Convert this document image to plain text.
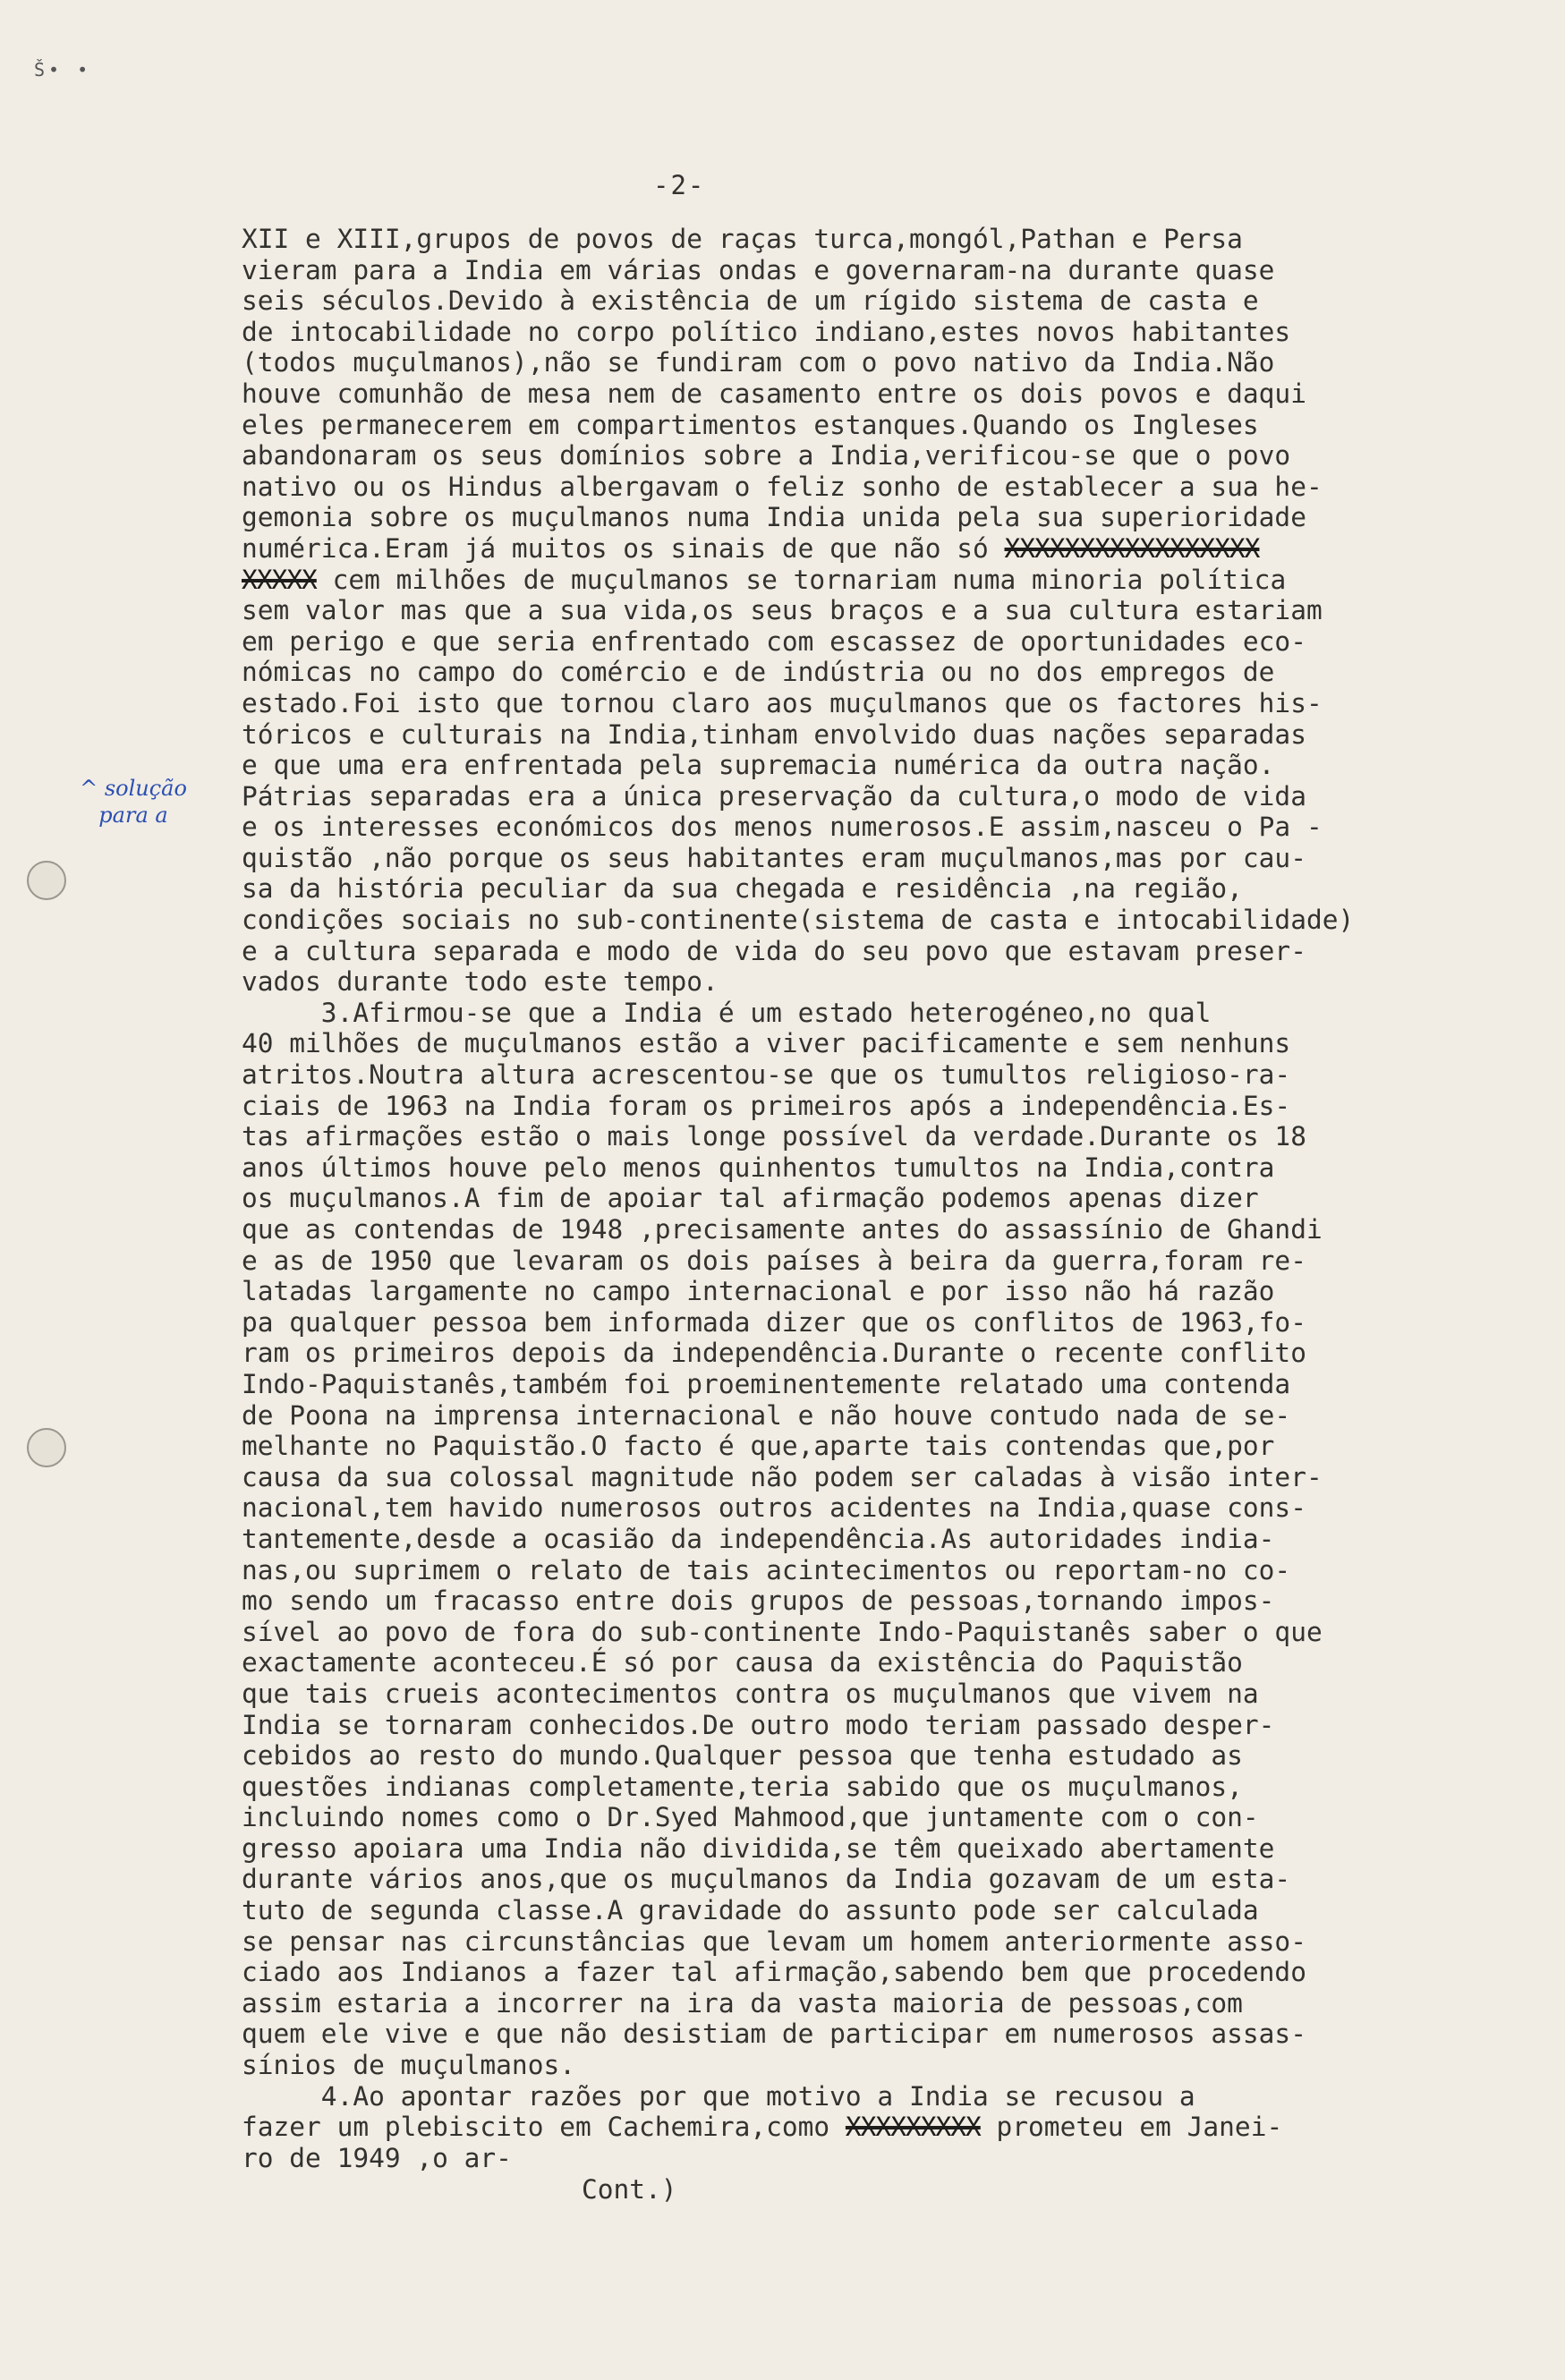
Š• •
-2-
^ solução para a
XII e XIII,grupos de povos de raças turca,mongól,Pathan e Persa
vieram para a India em várias ondas e governaram-na durante quase
seis séculos.Devido à existência de um rígido sistema de casta e
de intocabilidade no corpo político indiano,estes novos habitantes
(todos muçulmanos),não se fundiram com o povo nativo da India.Não
houve comunhão de mesa nem de casamento entre os dois povos e daqui
eles permanecerem em compartimentos estanques.Quando os Ingleses
abandonaram os seus domínios sobre a India,verificou-se que o povo
nativo ou os Hindus albergavam o feliz sonho de establecer a sua he-
gemonia sobre os muçulmanos numa India unida pela sua superioridade
numérica.Eram já muitos os sinais de que não só XXXXXXXXXXXXXXXXX
XXXXX cem milhões de muçulmanos se tornariam numa minoria política
sem valor mas que a sua vida,os seus braços e a sua cultura estariam
em perigo e que seria enfrentado com escassez de oportunidades eco-
nómicas no campo do comércio e de indústria ou no dos empregos de
estado.Foi isto que tornou claro aos muçulmanos que os factores his-
tóricos e culturais na India,tinham envolvido duas nações separadas
e que uma era enfrentada pela supremacia numérica da outra nação.
Pátrias separadas era a única preservação da cultura,o modo de vida
e os interesses económicos dos menos numerosos.E assim,nasceu o Pa -
quistão ,não porque os seus habitantes eram muçulmanos,mas por cau-
sa da história peculiar da sua chegada e residência ,na região,
condições sociais no sub-continente(sistema de casta e intocabilidade)
e a cultura separada e modo de vida do seu povo que estavam preser-
vados durante todo este tempo.
3.Afirmou-se que a India é um estado heterogéneo,no qual
40 milhões de muçulmanos estão a viver pacificamente e sem nenhuns
atritos.Noutra altura acrescentou-se que os tumultos religioso-ra-
ciais de 1963 na India foram os primeiros após a independência.Es-
tas afirmações estão o mais longe possível da verdade.Durante os 18
anos últimos houve pelo menos quinhentos tumultos na India,contra
os muçulmanos.A fim de apoiar tal afirmação podemos apenas dizer
que as contendas de 1948 ,precisamente antes do assassínio de Ghandi
e as de 1950 que levaram os dois países à beira da guerra,foram re-
latadas largamente no campo internacional e por isso não há razão
pa qualquer pessoa bem informada dizer que os conflitos de 1963,fo-
ram os primeiros depois da independência.Durante o recente conflito
Indo-Paquistanês,também foi proeminentemente relatado uma contenda
de Poona na imprensa internacional e não houve contudo nada de se-
melhante no Paquistão.O facto é que,aparte tais contendas que,por
causa da sua colossal magnitude não podem ser caladas à visão inter-
nacional,tem havido numerosos outros acidentes na India,quase cons-
tantemente,desde a ocasião da independência.As autoridades india-
nas,ou suprimem o relato de tais acintecimentos ou reportam-no co-
mo sendo um fracasso entre dois grupos de pessoas,tornando impos-
sível ao povo de fora do sub-continente Indo-Paquistanês saber o que
exactamente aconteceu.É só por causa da existência do Paquistão
que tais crueis acontecimentos contra os muçulmanos que vivem na
India se tornaram conhecidos.De outro modo teriam passado desper-
cebidos ao resto do mundo.Qualquer pessoa que tenha estudado as
questões indianas completamente,teria sabido que os muçulmanos,
incluindo nomes como o Dr.Syed Mahmood,que juntamente com o con-
gresso apoiara uma India não dividida,se têm queixado abertamente
durante vários anos,que os muçulmanos da India gozavam de um esta-
tuto de segunda classe.A gravidade do assunto pode ser calculada
se pensar nas circunstâncias que levam um homem anteriormente asso-
ciado aos Indianos a fazer tal afirmação,sabendo bem que procedendo
assim estaria a incorrer na ira da vasta maioria de pessoas,com
quem ele vive e que não desistiam de participar em numerosos assas-
sínios de muçulmanos.
4.Ao apontar razões por que motivo a India se recusou a
fazer um plebiscito em Cachemira,como XXXXXXXXX prometeu em Janei-
ro de 1949 ,o ar-
Cont.)
